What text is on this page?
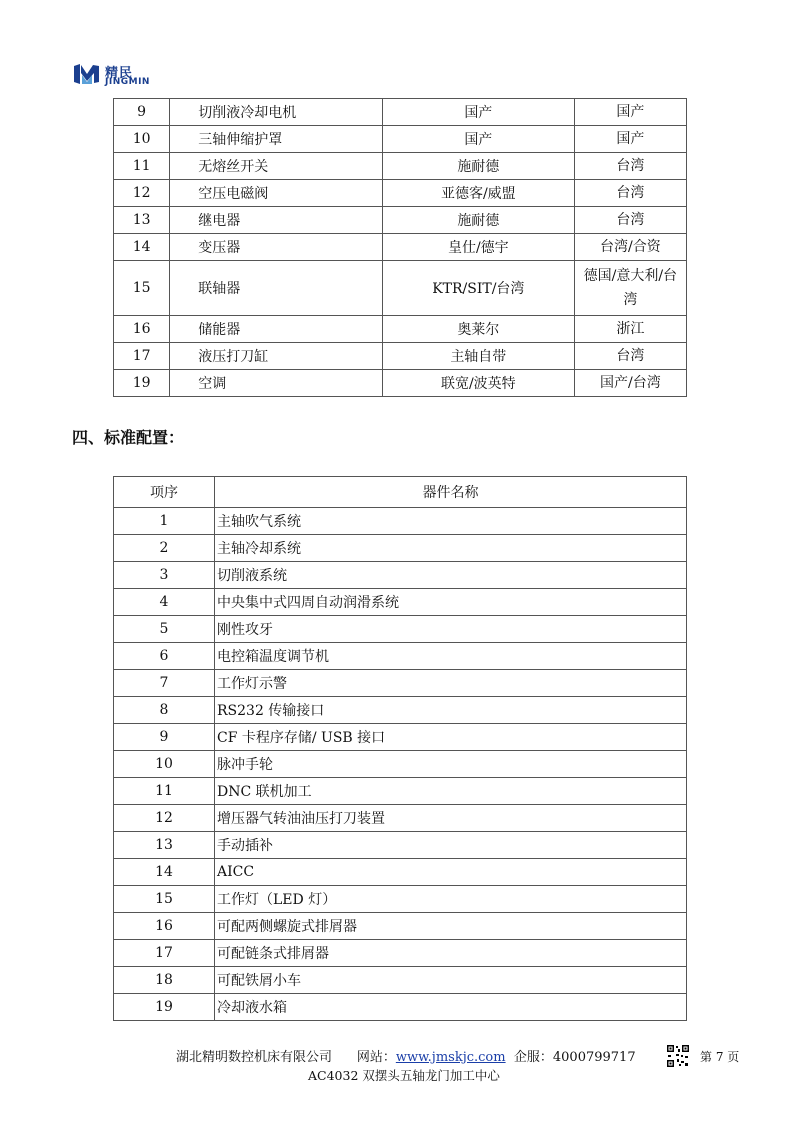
精民
JINGMIN
9	切削液冷却电机	国产	国产
10	三轴伸缩护罩	国产	国产
11	无熔丝开关	施耐德	台湾
12	空压电磁阀	亚德客/威盟	台湾
13	继电器	施耐德	台湾
14	变压器	皇仕/德宇	台湾/合资
15	联轴器	KTR/SIT/台湾	德国/意大利/台
湾
16	储能器	奥莱尔	浙江
17	液压打刀缸	主轴自带	台湾
19	空调	联宽/波英特	国产/台湾
四、标准配置：
项序	器件名称
1	主轴吹气系统
2	主轴冷却系统
3	切削液系统
4	中央集中式四周自动润滑系统
5	刚性攻牙
6	电控箱温度调节机
7	工作灯示警
8	RS232 传输接口
9	CF 卡程序存储/ USB 接口
10	脉冲手轮
11	DNC 联机加工
12	增压器气转油油压打刀装置
13	手动插补
14	AICC
15	工作灯（LED 灯）
16	可配两侧螺旋式排屑器
17	可配链条式排屑器
18	可配铁屑小车
19	冷却液水箱
湖北精明数控机床有限公司 网站：www.jmskjc.com 企服：4000799717	第 7 页
AC4032 双摆头五轴龙门加工中心
